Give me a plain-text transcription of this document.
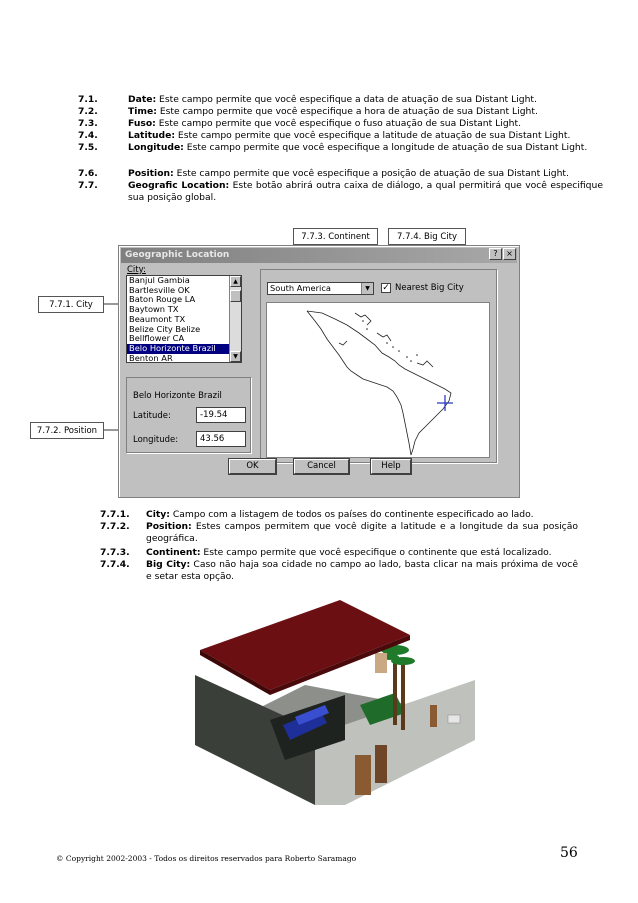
7.1.	Date: Este campo permite que você especifique a data de atuação de sua Distant Light.
7.2.	Time: Este campo permite que você especifique a hora de atuação de sua Distant Light.
7.3.	Fuso: Este campo permite que você especifique o fuso atuação de sua Distant Light.
7.4.	Latitude: Este campo permite que você especifique a latitude de atuação de sua Distant Light.
7.5.	Longitude: Este campo permite que você especifique a longitude de atuação de sua Distant Light.
7.6.	Position: Este campo permite que você especifique a posição de atuação de sua Distant Light.
7.7.	Geografic Location: Este botão abrirá outra caixa de diálogo, a qual permitirá que você especifique sua posição global.
Geographic Location	?	×
City:
Banjul Gambia
Bartlesville OK
Baton Rouge LA
Baytown TX
Beaumont TX
Belize City Belize
Bellflower CA
Belo Horizonte Brazil
Benton AR
▲
▼
Belo Horizonte Brazil
Latitude:	-19.54
Longitude:	43.56
South America	▼	✓ Nearest Big City
OK	Cancel	Help
7.7.3. Continent	7.7.4. Big City
7.7.1. City
7.7.2. Position
7.7.1.	City: Campo com a listagem de todos os países do continente especificado ao lado.
7.7.2.	Position: Estes campos permitem que você digite a latitude e a longitude da sua posição geográfica.
7.7.3.	Continent: Este campo permite que você especifique o continente que está localizado.
7.7.4.	Big City: Caso não haja soa cidade no campo ao lado, basta clicar na mais próxima de você e setar esta opção.
© Copyright 2002-2003 - Todos os direitos reservados para Roberto Saramago	56
